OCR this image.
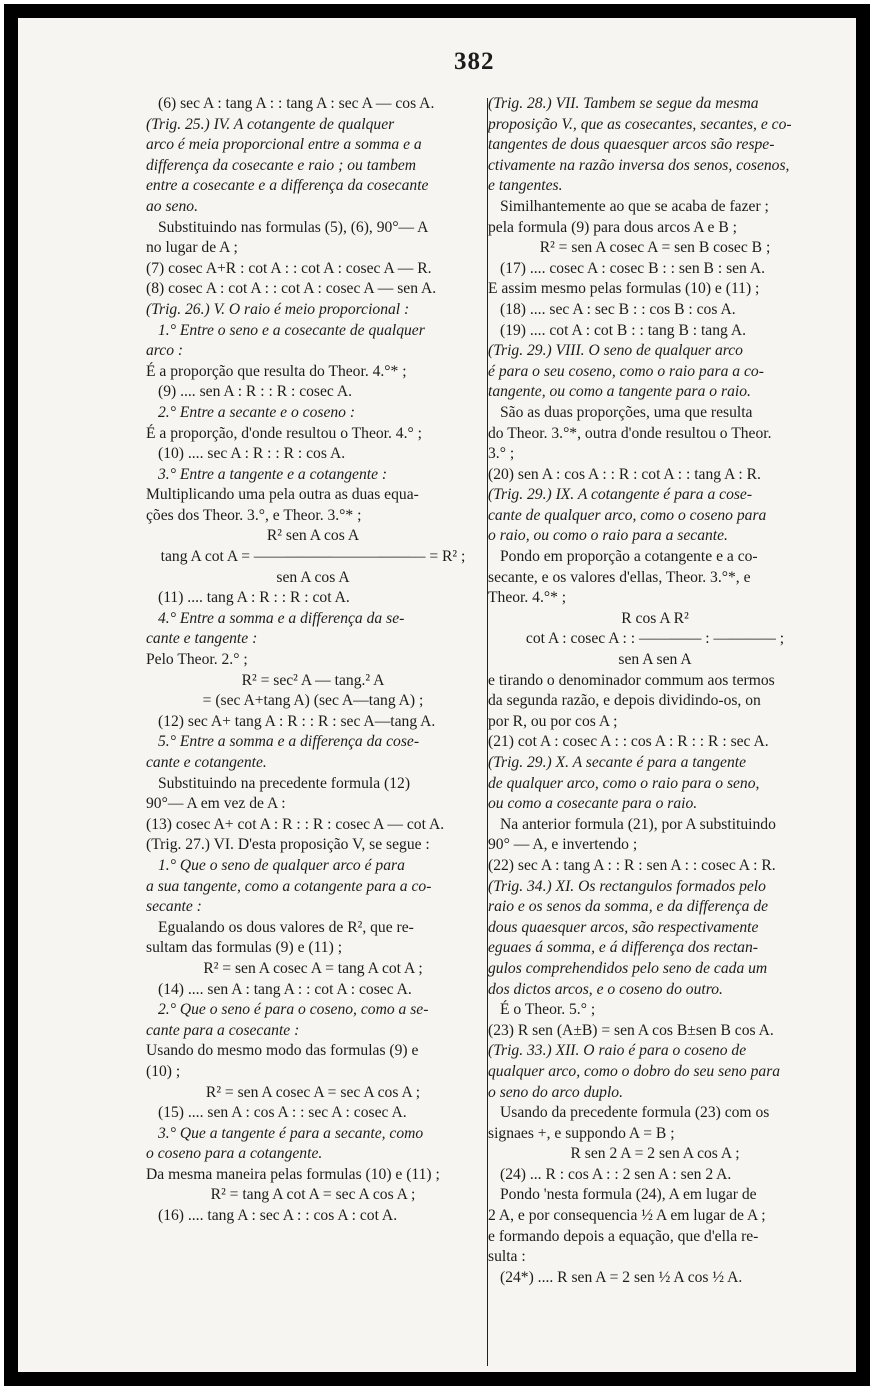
382
(6) sec A : tang A : : tang A : sec A — cos A.
(Trig. 25.) IV. A cotangente de qualquer
arco é meia proporcional entre a somma e a
differença da cosecante e raio ; ou tambem
entre a cosecante e a differença da cosecante
ao seno.
Substituindo nas formulas (5), (6), 90°— A
no lugar de A ;
(7) cosec A+R : cot A : : cot A : cosec A — R.
(8) cosec A : cot A : : cot A : cosec A — sen A.
(Trig. 26.) V. O raio é meio proporcional :
1.° Entre o seno e a cosecante de qualquer
arco :
É a proporção que resulta do Theor. 4.°* ;
(9) .... sen A : R : : R : cosec A.
2.° Entre a secante e o coseno :
É a proporção, d'onde resultou o Theor. 4.° ;
(10) .... sec A : R : : R : cos A.
3.° Entre a tangente e a cotangente :
Multiplicando uma pela outra as duas equa-
ções dos Theor. 3.°, e Theor. 3.°* ;
R² sen A cos A
tang A cot A = ——————————— = R² ;
sen A cos A
(11) .... tang A : R : : R : cot A.
4.° Entre a somma e a differença da se-
cante e tangente :
Pelo Theor. 2.° ;
R² = sec² A — tang.² A
= (sec A+tang A) (sec A—tang A) ;
(12) sec A+ tang A : R : : R : sec A—tang A.
5.° Entre a somma e a differença da cose-
cante e cotangente.
Substituindo na precedente formula (12)
90°— A em vez de A :
(13) cosec A+ cot A : R : : R : cosec A — cot A.
(Trig. 27.) VI. D'esta proposição V, se segue :
1.° Que o seno de qualquer arco é para
a sua tangente, como a cotangente para a co-
secante :
Egualando os dous valores de R², que re-
sultam das formulas (9) e (11) ;
R² = sen A cosec A = tang A cot A ;
(14) .... sen A : tang A : : cot A : cosec A.
2.° Que o seno é para o coseno, como a se-
cante para a cosecante :
Usando do mesmo modo das formulas (9) e
(10) ;
R² = sen A cosec A = sec A cos A ;
(15) .... sen A : cos A : : sec A : cosec A.
3.° Que a tangente é para a secante, como
o coseno para a cotangente.
Da mesma maneira pelas formulas (10) e (11) ;
R² = tang A cot A = sec A cos A ;
(16) .... tang A : sec A : : cos A : cot A.
(Trig. 28.) VII. Tambem se segue da mesma
proposição V., que as cosecantes, secantes, e co-
tangentes de dous quaesquer arcos são respe-
ctivamente na razão inversa dos senos, cosenos,
e tangentes.
Similhantemente ao que se acaba de fazer ;
pela formula (9) para dous arcos A e B ;
R² = sen A cosec A = sen B cosec B ;
(17) .... cosec A : cosec B : : sen B : sen A.
E assim mesmo pelas formulas (10) e (11) ;
(18) .... sec A : sec B : : cos B : cos A.
(19) .... cot A : cot B : : tang B : tang A.
(Trig. 29.) VIII. O seno de qualquer arco
é para o seu coseno, como o raio para a co-
tangente, ou como a tangente para o raio.
São as duas proporções, uma que resulta
do Theor. 3.°*, outra d'onde resultou o Theor.
3.° ;
(20) sen A : cos A : : R : cot A : : tang A : R.
(Trig. 29.) IX. A cotangente é para a cose-
cante de qualquer arco, como o coseno para
o raio, ou como o raio para a secante.
Pondo em proporção a cotangente e a co-
secante, e os valores d'ellas, Theor. 3.°*, e
Theor. 4.°* ;
R cos A R²
cot A : cosec A : : ———— : ———— ;
sen A sen A
e tirando o denominador commum aos termos
da segunda razão, e depois dividindo-os, on
por R, ou por cos A ;
(21) cot A : cosec A : : cos A : R : : R : sec A.
(Trig. 29.) X. A secante é para a tangente
de qualquer arco, como o raio para o seno,
ou como a cosecante para o raio.
Na anterior formula (21), por A substituindo
90° — A, e invertendo ;
(22) sec A : tang A : : R : sen A : : cosec A : R.
(Trig. 34.) XI. Os rectangulos formados pelo
raio e os senos da somma, e da differença de
dous quaesquer arcos, são respectivamente
eguaes á somma, e á differença dos rectan-
gulos comprehendidos pelo seno de cada um
dos dictos arcos, e o coseno do outro.
É o Theor. 5.° ;
(23) R sen (A±B) = sen A cos B±sen B cos A.
(Trig. 33.) XII. O raio é para o coseno de
qualquer arco, como o dobro do seu seno para
o seno do arco duplo.
Usando da precedente formula (23) com os
signaes +, e suppondo A = B ;
R sen 2 A = 2 sen A cos A ;
(24) ... R : cos A : : 2 sen A : sen 2 A.
Pondo 'nesta formula (24), A em lugar de
2 A, e por consequencia ½ A em lugar de A ;
e formando depois a equação, que d'ella re-
sulta :
(24*) .... R sen A = 2 sen ½ A cos ½ A.
